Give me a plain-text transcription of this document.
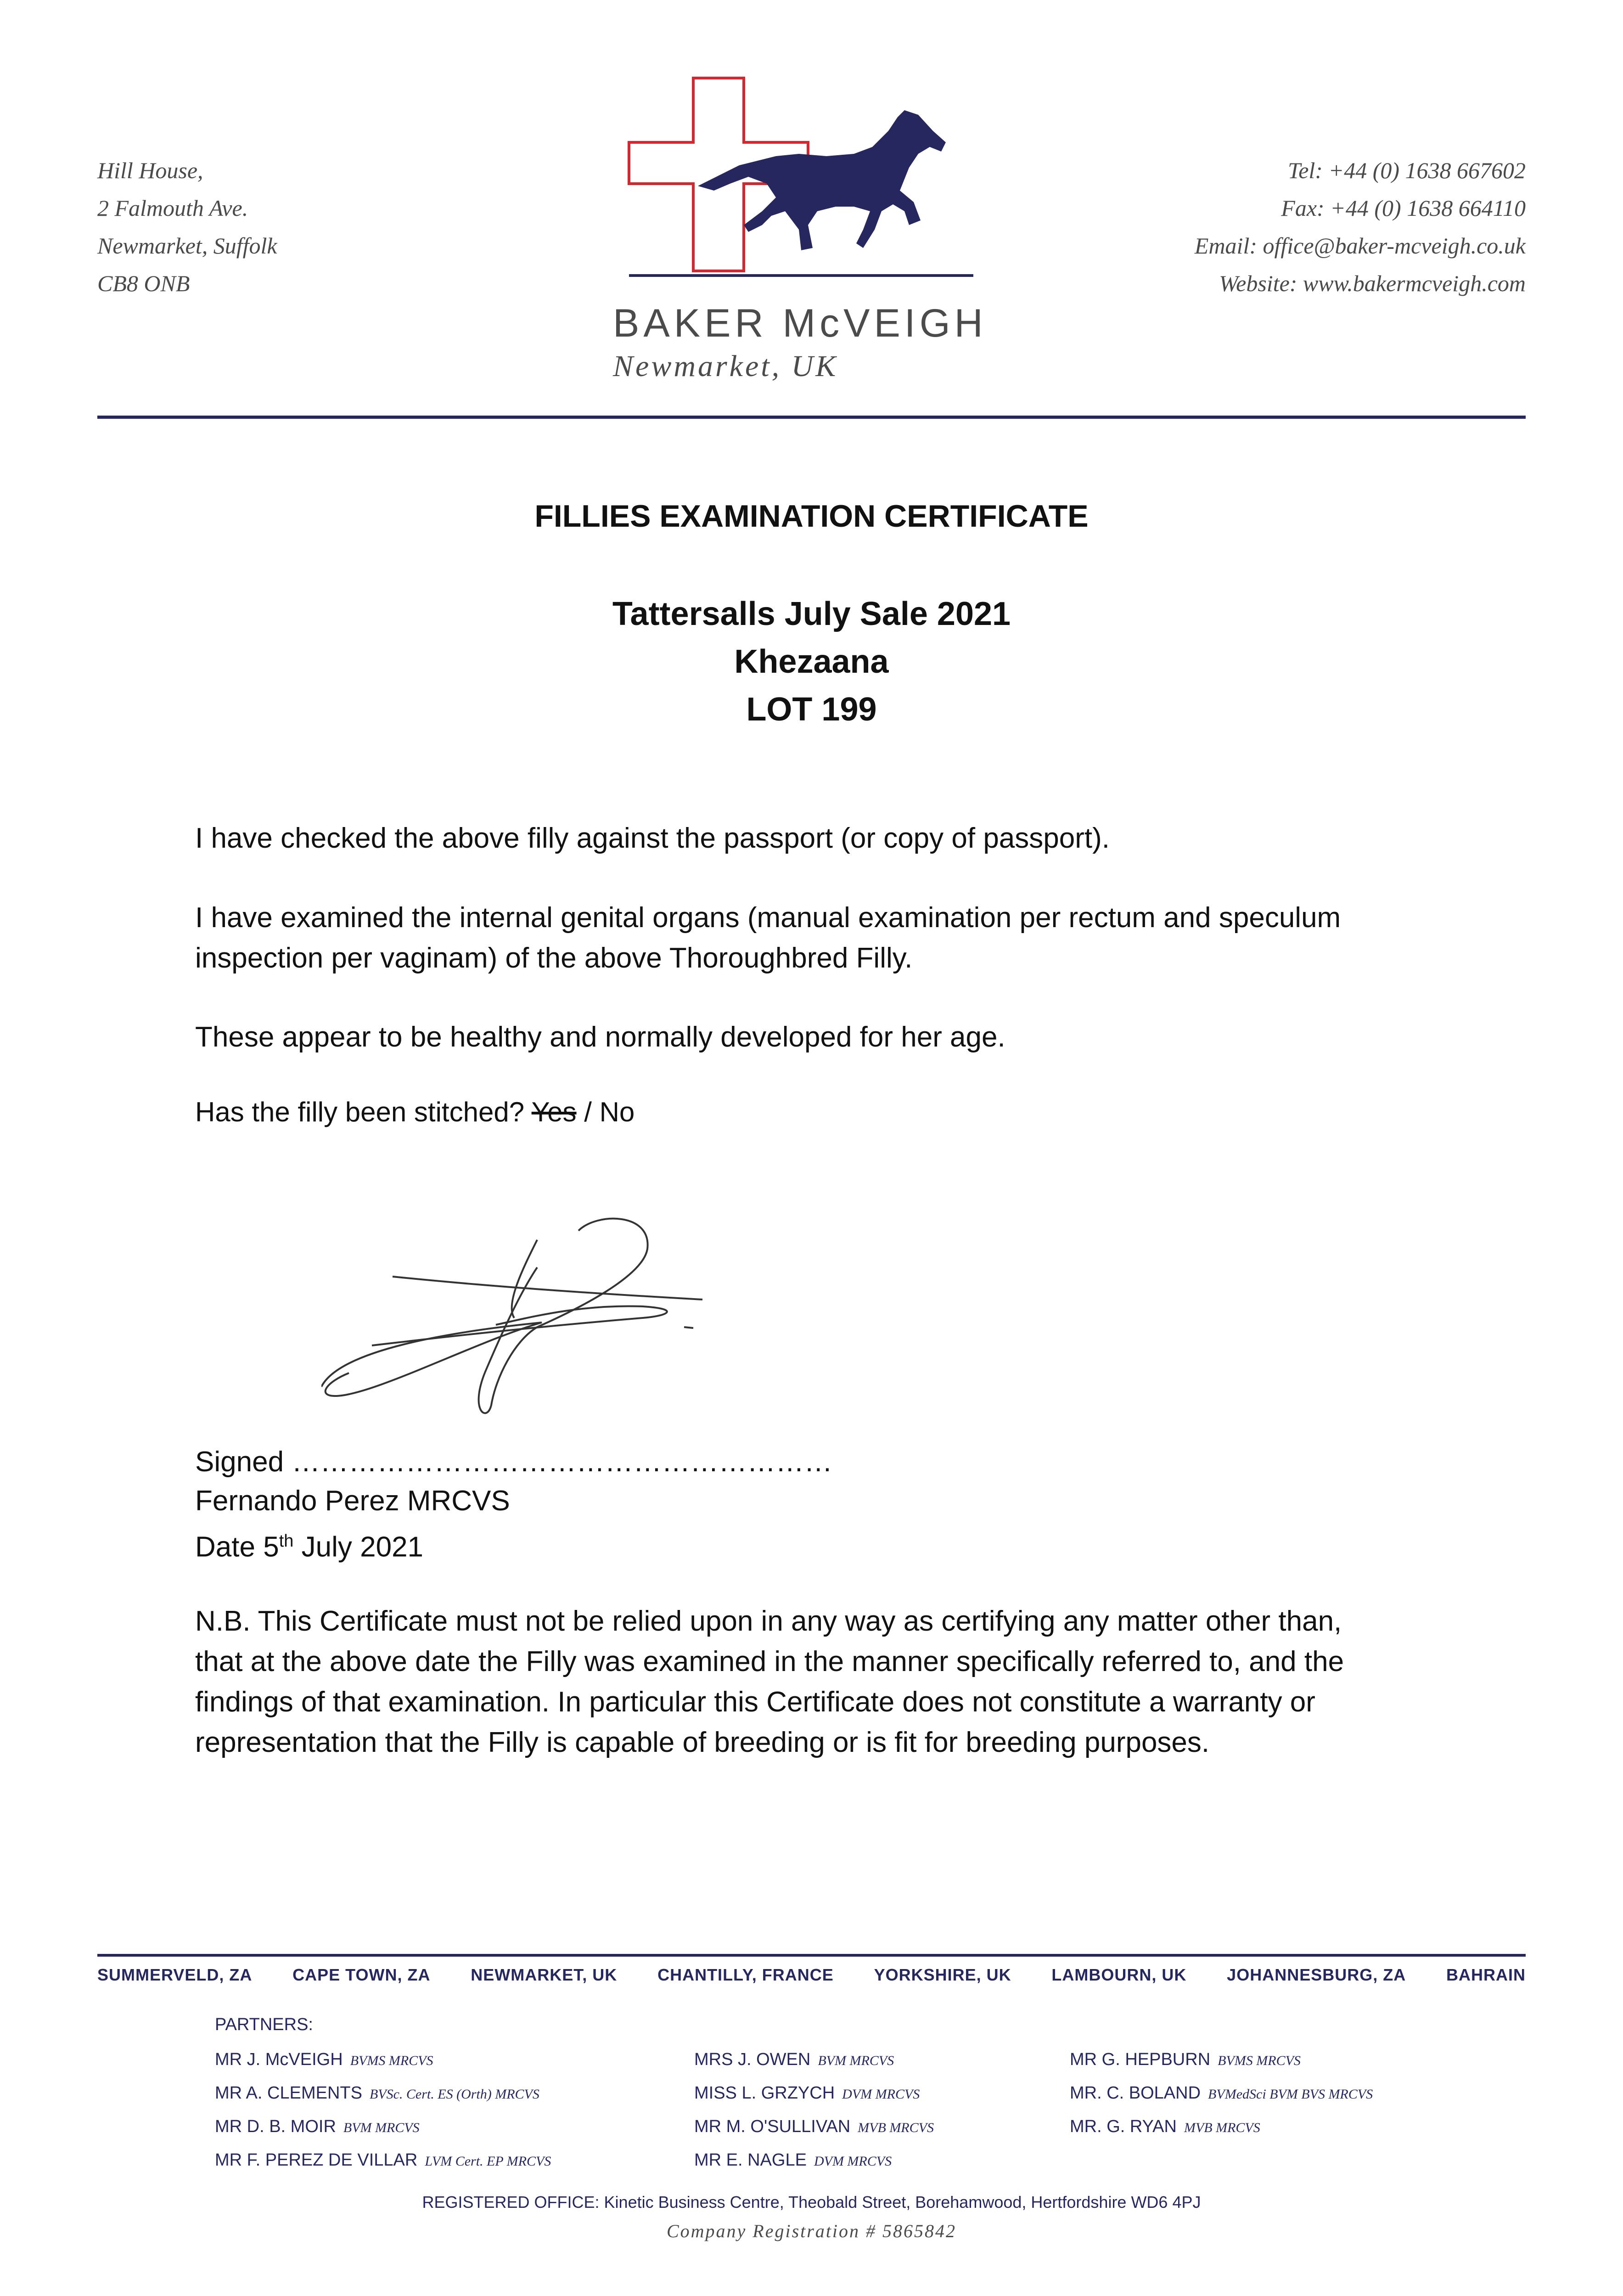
Hill House,
2 Falmouth Ave.
Newmarket, Suffolk
CB8 ONB
BAKER McVEIGH
Newmarket, UK
Tel: +44 (0) 1638 667602
Fax: +44 (0) 1638 664110
Email: office@baker-mcveigh.co.uk
Website: www.bakermcveigh.com
FILLIES EXAMINATION CERTIFICATE
Tattersalls July Sale 2021
Khezaana
LOT 199
I have checked the above filly against the passport (or copy of passport).
I have examined the internal genital organs (manual examination per rectum and speculum
inspection per vaginam) of the above Thoroughbred Filly.
These appear to be healthy and normally developed for her age.
Has the filly been stitched? Yes / No
Signed …………………………………………………
Fernando Perez MRCVS
Date 5th July 2021
N.B. This Certificate must not be relied upon in any way as certifying any matter other than,
that at the above date the Filly was examined in the manner specifically referred to, and the
findings of that examination. In particular this Certificate does not constitute a warranty or
representation that the Filly is capable of breeding or is fit for breeding purposes.
SUMMERVELD, ZA CAPE TOWN, ZA NEWMARKET, UK CHANTILLY, FRANCE YORKSHIRE, UK LAMBOURN, UK JOHANNESBURG, ZA BAHRAIN
PARTNERS:
MR J. McVEIGH BVMS MRCVS
MR A. CLEMENTS BVSc. Cert. ES (Orth) MRCVS
MR D. B. MOIR BVM MRCVS
MR F. PEREZ DE VILLAR LVM Cert. EP MRCVS
MRS J. OWEN BVM MRCVS
MISS L. GRZYCH DVM MRCVS
MR M. O'SULLIVAN MVB MRCVS
MR E. NAGLE DVM MRCVS
MR G. HEPBURN BVMS MRCVS
MR. C. BOLAND BVMedSci BVM BVS MRCVS
MR. G. RYAN MVB MRCVS
REGISTERED OFFICE: Kinetic Business Centre, Theobald Street, Borehamwood, Hertfordshire WD6 4PJ
Company Registration # 5865842
